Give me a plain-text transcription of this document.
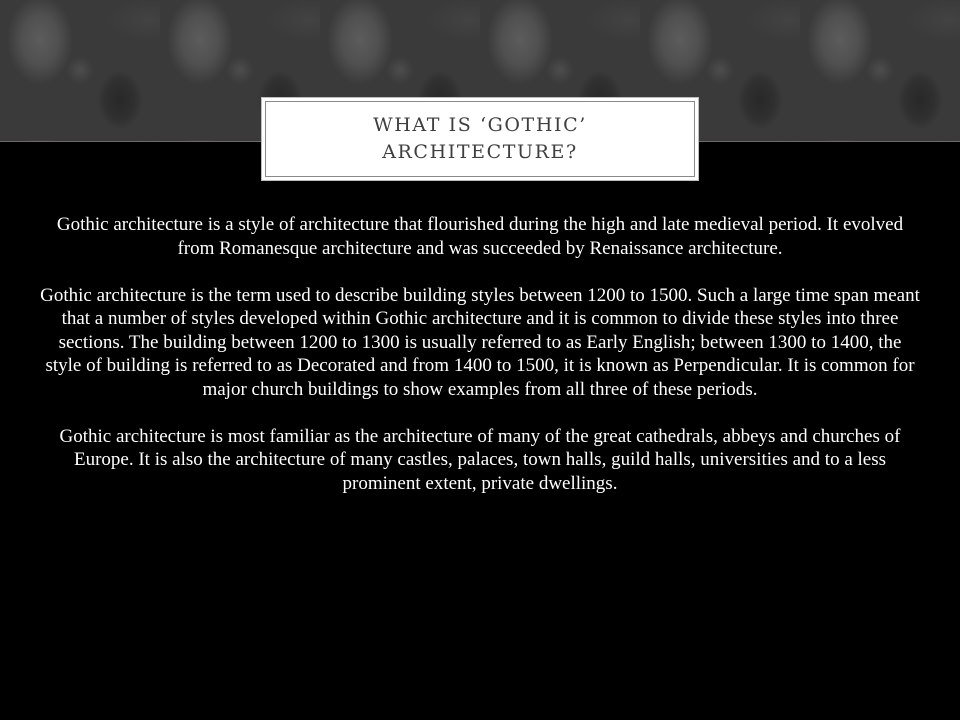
WHAT IS ‘GOTHIC’
ARCHITECTURE?

Gothic architecture is a style of architecture that flourished during the high and late medieval period. It evolved from Romanesque architecture and was succeeded by Renaissance architecture.

Gothic architecture is the term used to describe building styles between 1200 to 1500. Such a large time span meant that a number of styles developed within Gothic architecture and it is common to divide these styles into three sections. The building between 1200 to 1300 is usually referred to as Early English; between 1300 to 1400, the style of building is referred to as Decorated and from 1400 to 1500, it is known as Perpendicular. It is common for major church buildings to show examples from all three of these periods.

Gothic architecture is most familiar as the architecture of many of the great cathedrals, abbeys and churches of Europe. It is also the architecture of many castles, palaces, town halls, guild halls, universities and to a less prominent extent, private dwellings.
